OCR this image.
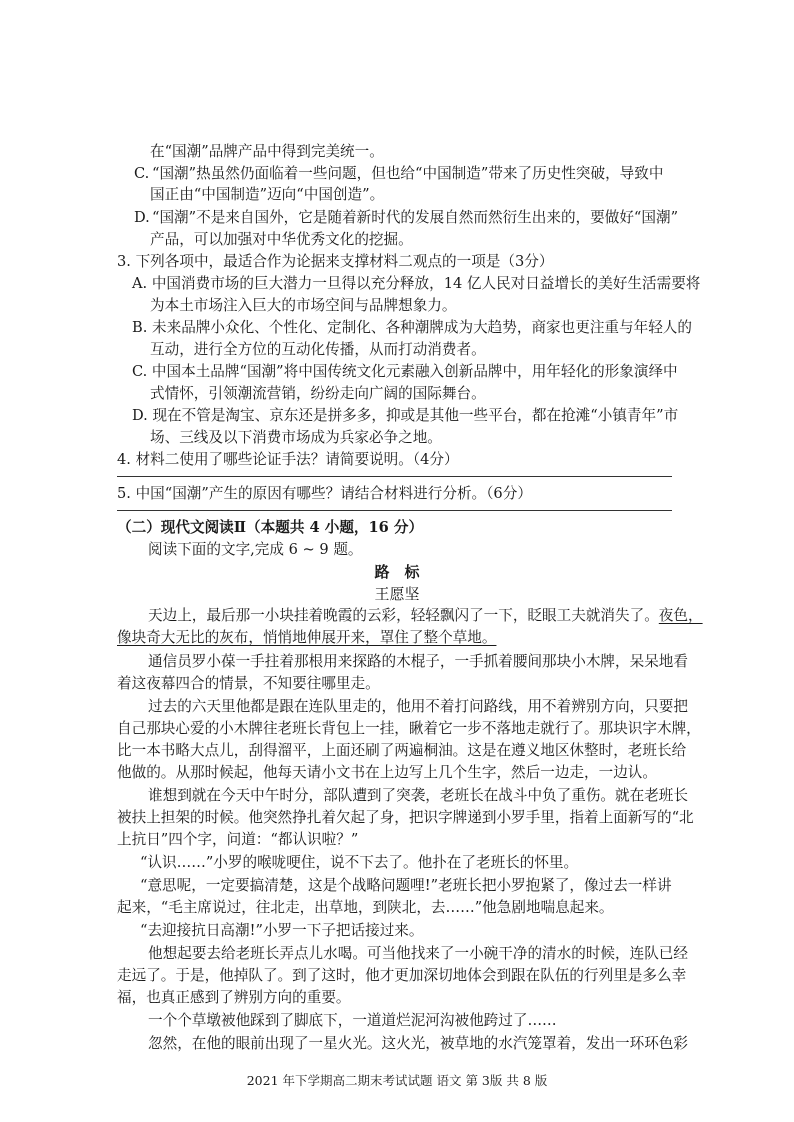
在“国潮”品牌产品中得到完美统一。
C. “国潮”热虽然仍面临着一些问题，但也给“中国制造”带来了历史性突破，导致中
国正由“中国制造”迈向“中国创造”。
D. “国潮”不是来自国外，它是随着新时代的发展自然而然衍生出来的，要做好“国潮”
产品，可以加强对中华优秀文化的挖掘。
3. 下列各项中，最适合作为论据来支撑材料二观点的一项是（3分）
A. 中国消费市场的巨大潜力一旦得以充分释放，14 亿人民对日益增长的美好生活需要将
为本土市场注入巨大的市场空间与品牌想象力。
B. 未来品牌小众化、个性化、定制化、各种潮牌成为大趋势，商家也更注重与年轻人的
互动，进行全方位的互动化传播，从而打动消费者。
C. 中国本土品牌“国潮”将中国传统文化元素融入创新品牌中，用年轻化的形象演绎中
式情怀，引领潮流营销，纷纷走向广阔的国际舞台。
D. 现在不管是淘宝、京东还是拼多多，抑或是其他一些平台，都在抢滩“小镇青年”市
场、三线及以下消费市场成为兵家必争之地。
4. 材料二使用了哪些论证手法？请简要说明。（4分）
5. 中国“国潮”产生的原因有哪些？请结合材料进行分析。（6分）
（二）现代文阅读Ⅱ（本题共 4 小题，16 分）
阅读下面的文字,完成 6 ~ 9 题。
路　标
王愿坚
天边上，最后那一小块挂着晚霞的云彩，轻轻飘闪了一下，眨眼工夫就消失了。夜色，
像块奇大无比的灰布，悄悄地伸展开来，罩住了整个草地。
通信员罗小葆一手拄着那根用来探路的木棍子，一手抓着腰间那块小木牌，呆呆地看
着这夜幕四合的情景，不知要往哪里走。
过去的六天里他都是跟在连队里走的，他用不着打问路线，用不着辨别方向，只要把
自己那块心爱的小木牌往老班长背包上一挂，瞅着它一步不落地走就行了。那块识字木牌，
比一本书略大点儿，刮得溜平，上面还刷了两遍桐油。这是在遵义地区休整时，老班长给
他做的。从那时候起，他每天请小文书在上边写上几个生字，然后一边走，一边认。
谁想到就在今天中午时分，部队遭到了突袭，老班长在战斗中负了重伤。就在老班长
被扶上担架的时候。他突然挣扎着欠起了身，把识字牌递到小罗手里，指着上面新写的“北
上抗日”四个字，问道：“都认识啦？”
“认识……”小罗的喉咙哽住，说不下去了。他扑在了老班长的怀里。
“意思呢，一定要搞清楚，这是个战略问题哩!”老班长把小罗抱紧了，像过去一样讲
起来，“毛主席说过，往北走，出草地，到陕北，去……”他急剧地喘息起来。
“去迎接抗日高潮!”小罗一下子把话接过来。
他想起要去给老班长弄点儿水喝。可当他找来了一小碗干净的清水的时候，连队已经
走远了。于是，他掉队了。到了这时，他才更加深切地体会到跟在队伍的行列里是多么幸
福，也真正感到了辨别方向的重要。
一个个草墩被他踩到了脚底下，一道道烂泥河沟被他跨过了……
忽然，在他的眼前出现了一星火光。这火光，被草地的水汽笼罩着，发出一环环色彩
2021 年下学期高二期末考试试题 语文 第 3版 共 8 版
